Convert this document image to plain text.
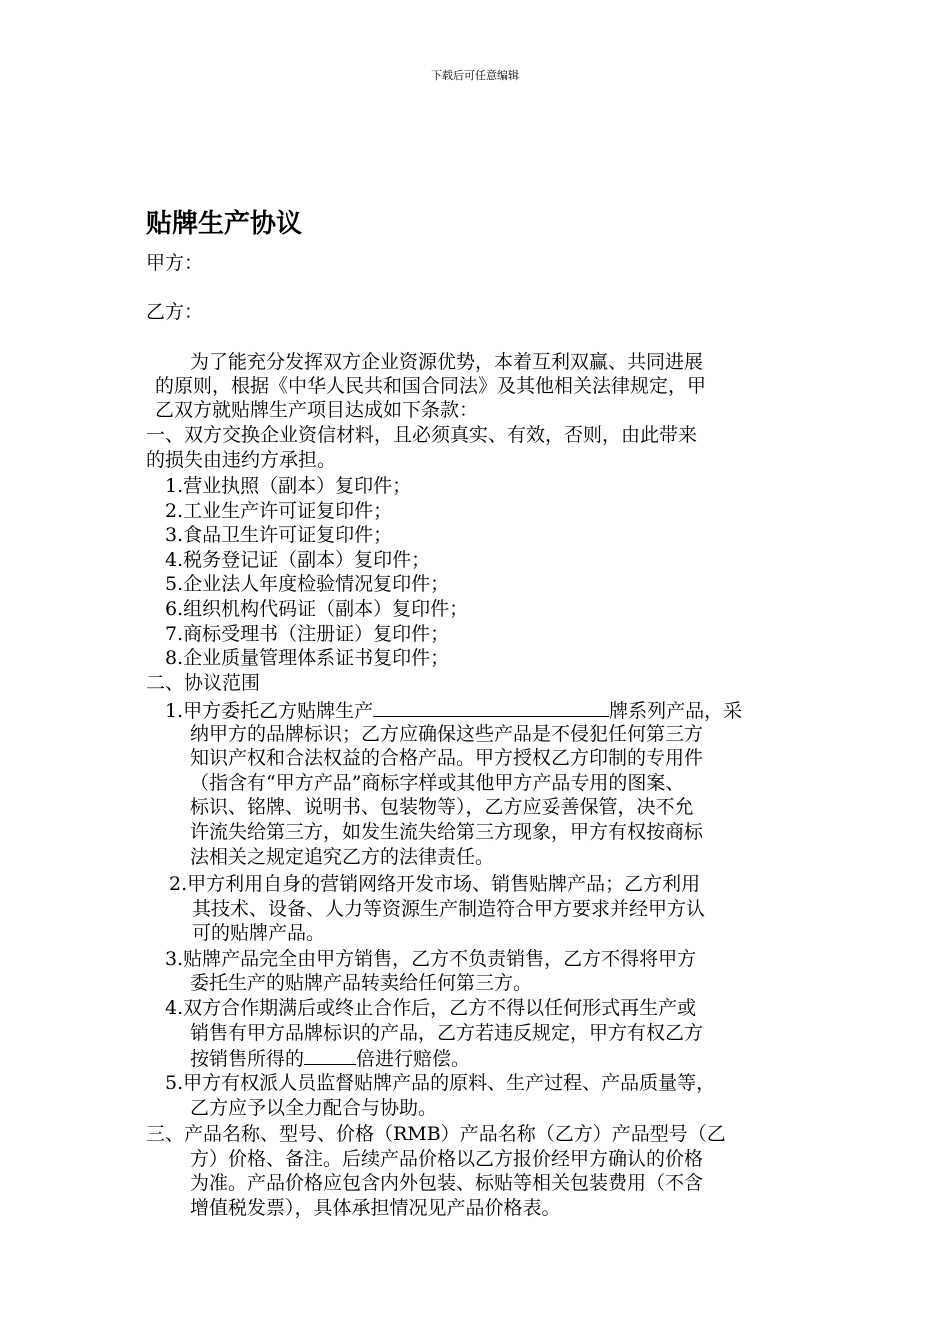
下载后可任意编辑
贴牌生产协议
甲方：
乙方：
为了能充分发挥双方企业资源优势，本着互利双赢、共同进展
的原则，根据《中华人民共和国合同法》及其他相关法律规定，甲
乙双方就贴牌生产项目达成如下条款：
一、双方交换企业资信材料，且必须真实、有效，否则，由此带来
的损失由违约方承担。
1.营业执照（副本）复印件；
2.工业生产许可证复印件；
3.食品卫生许可证复印件；
4.税务登记证（副本）复印件；
5.企业法人年度检验情况复印件；
6.组织机构代码证（副本）复印件；
7.商标受理书（注册证）复印件；
8.企业质量管理体系证书复印件；
二、协议范围
1.甲方委托乙方贴牌生产	牌系列产品，采
纳甲方的品牌标识；乙方应确保这些产品是不侵犯任何第三方
知识产权和合法权益的合格产品。甲方授权乙方印制的专用件
（指含有“甲方产品”商标字样或其他甲方产品专用的图案、
标识、铭牌、说明书、包装物等），乙方应妥善保管，决不允
许流失给第三方，如发生流失给第三方现象，甲方有权按商标
法相关之规定追究乙方的法律责任。
2.甲方利用自身的营销网络开发市场、销售贴牌产品；乙方利用
其技术、设备、人力等资源生产制造符合甲方要求并经甲方认
可的贴牌产品。
3.贴牌产品完全由甲方销售，乙方不负责销售，乙方不得将甲方
委托生产的贴牌产品转卖给任何第三方。
4.双方合作期满后或终止合作后，乙方不得以任何形式再生产或
销售有甲方品牌标识的产品，乙方若违反规定，甲方有权乙方
按销售所得的	倍进行赔偿。
5.甲方有权派人员监督贴牌产品的原料、生产过程、产品质量等，
乙方应予以全力配合与协助。
三、产品名称、型号、价格（RMB）产品名称（乙方）产品型号（乙
方）价格、备注。后续产品价格以乙方报价经甲方确认的价格
为准。产品价格应包含内外包装、标贴等相关包装费用（不含
增值税发票），具体承担情况见产品价格表。
